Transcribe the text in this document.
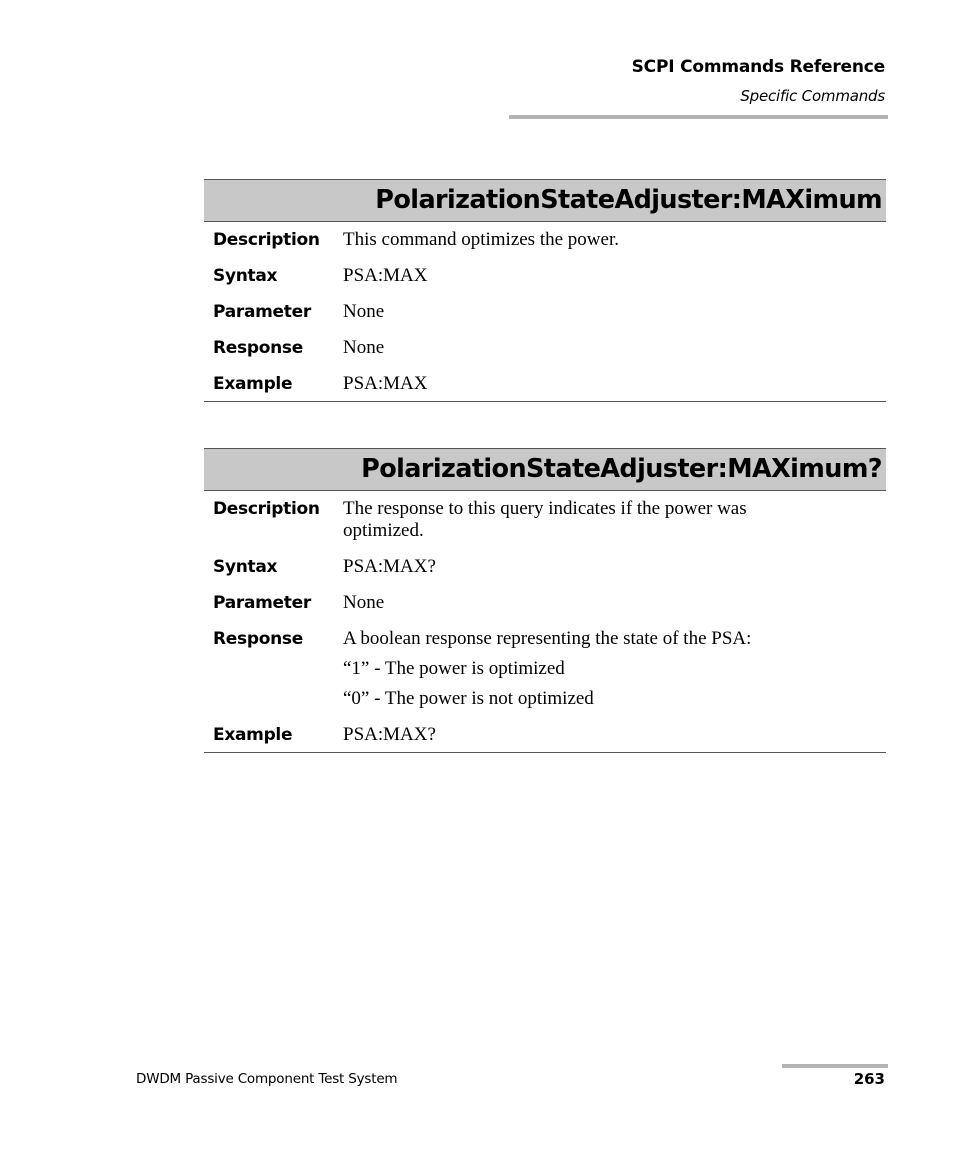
SCPI Commands Reference
Specific Commands
PolarizationStateAdjuster:MAXimum
Description	This command optimizes the power.

Syntax	PSA:MAX

Parameter	None

Response	None

Example	PSA:MAX

PolarizationStateAdjuster:MAXimum?
Description	The response to this query indicates if the power was optimized.

Syntax	PSA:MAX?

Parameter	None

Response	A boolean response representing the state of the PSA:

“1” - The power is optimized

“0” - The power is not optimized

Example	PSA:MAX?

DWDM Passive Component Test System	263
